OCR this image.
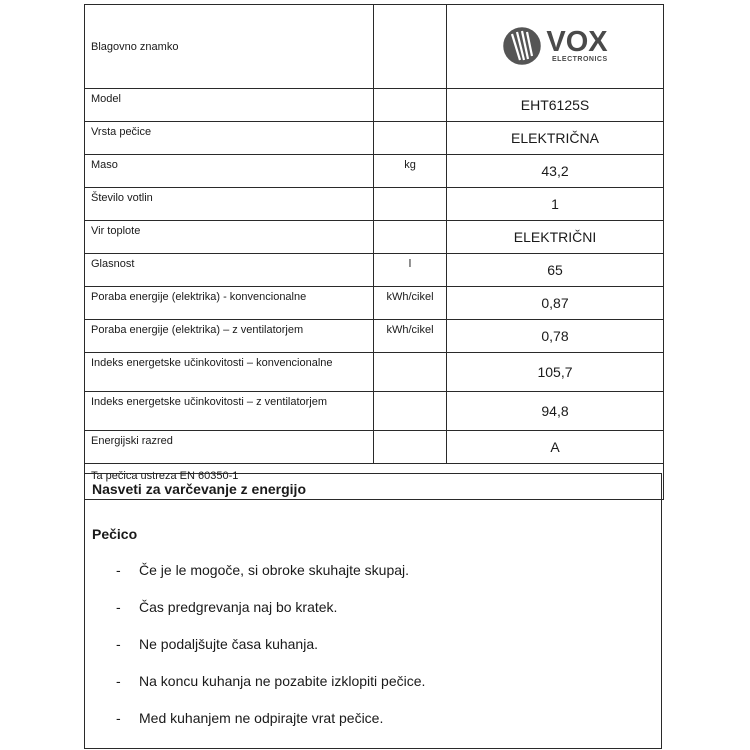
Blagovno znamko		VOX
ELECTRONICS

Model		EHT6125S
Vrsta pečice		ELEKTRIČNA
Maso	kg	43,2
Število votlin		1
Vir toplote		ELEKTRIČNI
Glasnost	l	65
Poraba energije (elektrika) - konvencionalne	kWh/cikel	0,87
Poraba energije (elektrika) – z ventilatorjem	kWh/cikel	0,78
Indeks energetske učinkovitosti – konvencionalne		105,7
Indeks energetske učinkovitosti – z ventilatorjem		94,8
Energijski razred		A
Ta pečica ustreza EN 60350-1		

Nasveti za varčevanje z energijo

Pečico

- Če je le mogoče, si obroke skuhajte skupaj.
- Čas predgrevanja naj bo kratek.
- Ne podaljšujte časa kuhanja.
- Na koncu kuhanja ne pozabite izklopiti pečice.
- Med kuhanjem ne odpirajte vrat pečice.
